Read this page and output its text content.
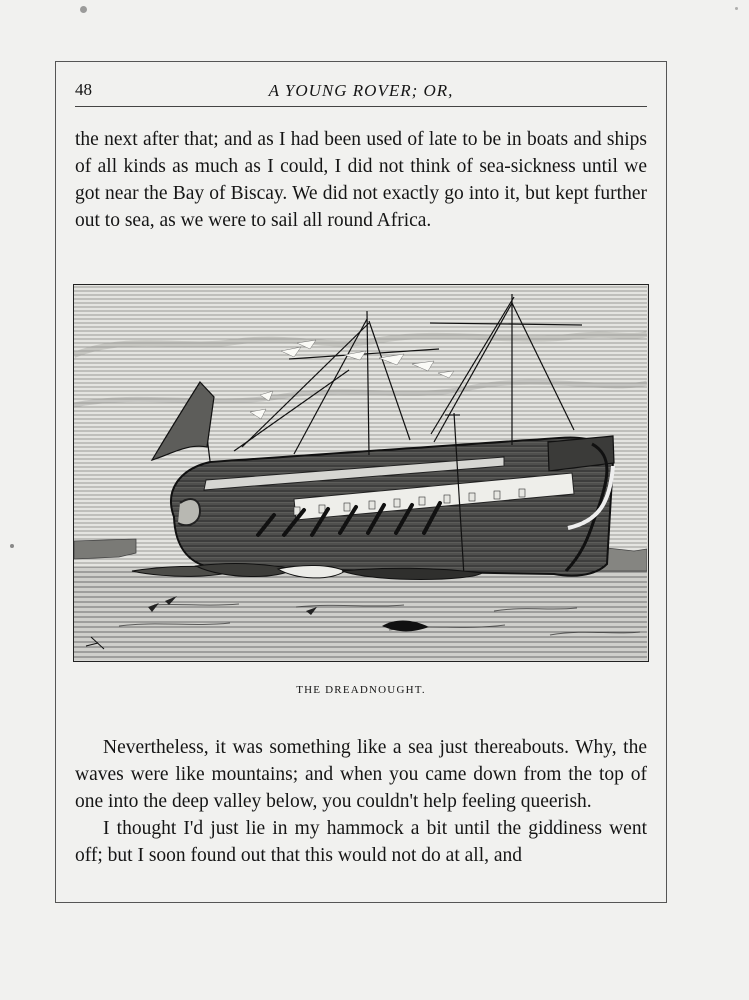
48	A YOUNG ROVER; OR,

the next after that; and as I had been used of late to be in boats and ships of all kinds as much as I could, I did not think of sea-sickness until we got near the Bay of Biscay. We did not exactly go into it, but kept further out to sea, as we were to sail all round Africa.

THE DREADNOUGHT.

Nevertheless, it was something like a sea just thereabouts. Why, the waves were like mountains; and when you came down from the top of one into the deep valley below, you couldn't help feeling queerish.

I thought I'd just lie in my hammock a bit until the giddiness went off; but I soon found out that this would not do at all, and
